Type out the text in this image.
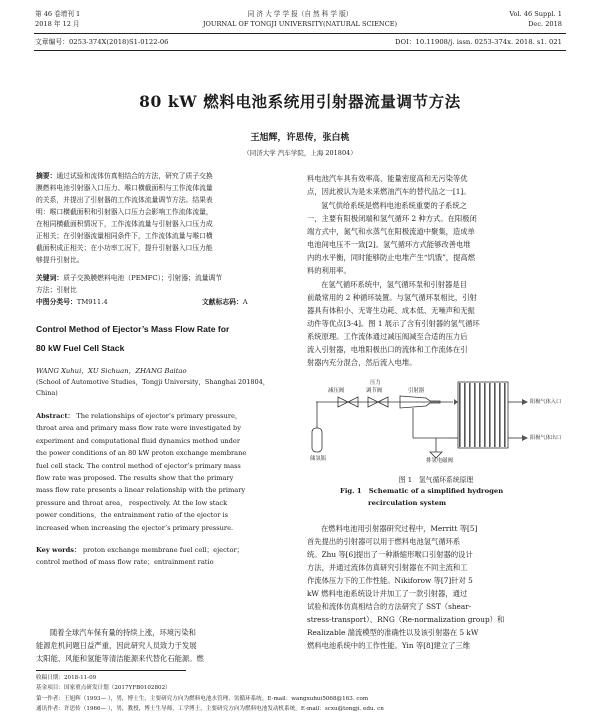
第 46 卷增刊 1
2018 年 12 月
同 济 大 学 学 报（自 然 科 学 版）
JOURNAL OF TONGJI UNIVERSITY(NATURAL SCIENCE)
Vol. 46 Suppl. 1
Dec. 2018
文章编号：0253-374X(2018)S1-0122-06	DOI：10.11908/j. issn. 0253-374x. 2018. s1. 021
80 kW 燃料电池系统用引射器流量调节方法
王旭辉，许思传，张白桃
（同济大学 汽车学院，上海 201804）
摘要：通过试验和流体仿真相结合的方法，研究了质子交换
膜燃料电池引射器入口压力、喉口横截面积与工作流体流量
的关系，并提出了引射器的工作流体流量调节方法。结果表
明：喉口横截面积和引射器入口压力会影响工作流体流量，
在相同横截面积情况下，工作流体流量与引射器入口压力成
正相关；在引射器流量相同条件下，工作流体流量与喉口横
截面积成正相关；在小功率工况下，提升引射器入口压力能
够提升引射比。
关键词：质子交换膜燃料电池（PEMFC）；引射器；流量调节
方法；引射比
中图分类号：TM911.4	文献标志码：A
Control Method of Ejector’s Mass Flow Rate for
80 kW Fuel Cell Stack
WANG Xuhui，XU Sichuan，ZHANG Baitao
(School of Automotive Studies，Tongji University，Shanghai 201804，
China)
Abstract： The relationships of ejector’s primary pressure，
throat area and primary mass flow rate were investigated by
experiment and computational fluid dynamics method under
the power conditions of an 80 kW proton exchange membrane
fuel cell stack. The control method of ejector’s primary mass
flow rate was proposed. The results show that the primary
mass flow rate presents a linear relationship with the primary
pressure and throat area， respectively. At the low stack
power conditions，the entrainment ratio of the ejector is
increased when increasing the ejector’s primary pressure.
Key words： proton exchange membrane fuel cell；ejector；
control method of mass flow rate；entrainment ratio
随着全球汽车保有量的持续上涨，环境污染和
能源危机问题日益严重，因此研究人员致力于发展
太阳能、风能和氢能等清洁能源来代替化石能源。燃
收稿日期：2018-11-09
基金项目：国家重点研发计划（2017YFB0102802）
第一作者：王旭辉（1993— ），男，博士生，主要研究方向为燃料电池水管理、氢循环系统。E-mail：wangxuhui5068@163. com
通讯作者：许思传（1966— ），男，教授，博士生导师，工学博士，主要研究方向为燃料电池发动机系统。E-mail：scxu@tongji. edu. cn
料电池汽车具有效率高、能量密度高和无污染等优
点，因此被认为是未来燃油汽车的替代品之一[1]。
氢气供给系统是燃料电池系统重要的子系统之
一，主要有阳极闭端和氢气循环 2 种方式。在阳极闭
端方式中，氮气和水蒸气在阳极流道中聚集，造成单
电池间电压不一致[2]。氢气循环方式能够改善电堆
内的水平衡，同时能够防止电堆产生“饥饿”，提高燃
料的利用率。
在氢气循环系统中，氢气循环泵和引射器是目
前最常用的 2 种循环装置。与氢气循环泵相比，引射
器具有体积小、无寄生功耗、成本低、无噪声和无振
动件等优点[3-4]。图 1 展示了含有引射器的氢气循环
系统原理。工作流体通过减压阀减至合适的压力后
流入引射器，电堆阳极出口的流体和工作流体在引
射器内充分混合，然后流入电堆。
减压阀
压力
调节阀	引射器
储氢瓶	排氢电磁阀
阳极气体入口
阳极气体出口
图 1　氢气循环系统原理
Fig. 1 Schematic of a simplified hydrogen
recirculation system
在燃料电池用引射器研究过程中，Merritt 等[5]
首先提出的引射器可以用于燃料电池氢气循环系
统。Zhu 等[6]提出了一种渐缩形喉口引射器的设计
方法，并通过流体仿真研究引射器在不同主流和工
作流体压力下的工作性能。Nikiforow 等[7]针对 5
kW 燃料电池系统设计并加工了一款引射器，通过
试验和流体仿真相结合的方法研究了 SST（shear-
stress-transport）、RNG（Re-normalization group）和
Realizable 湍流模型的准确性以及该引射器在 5 kW
燃料电池系统中的工作性能。Yin 等[8]建立了三维
